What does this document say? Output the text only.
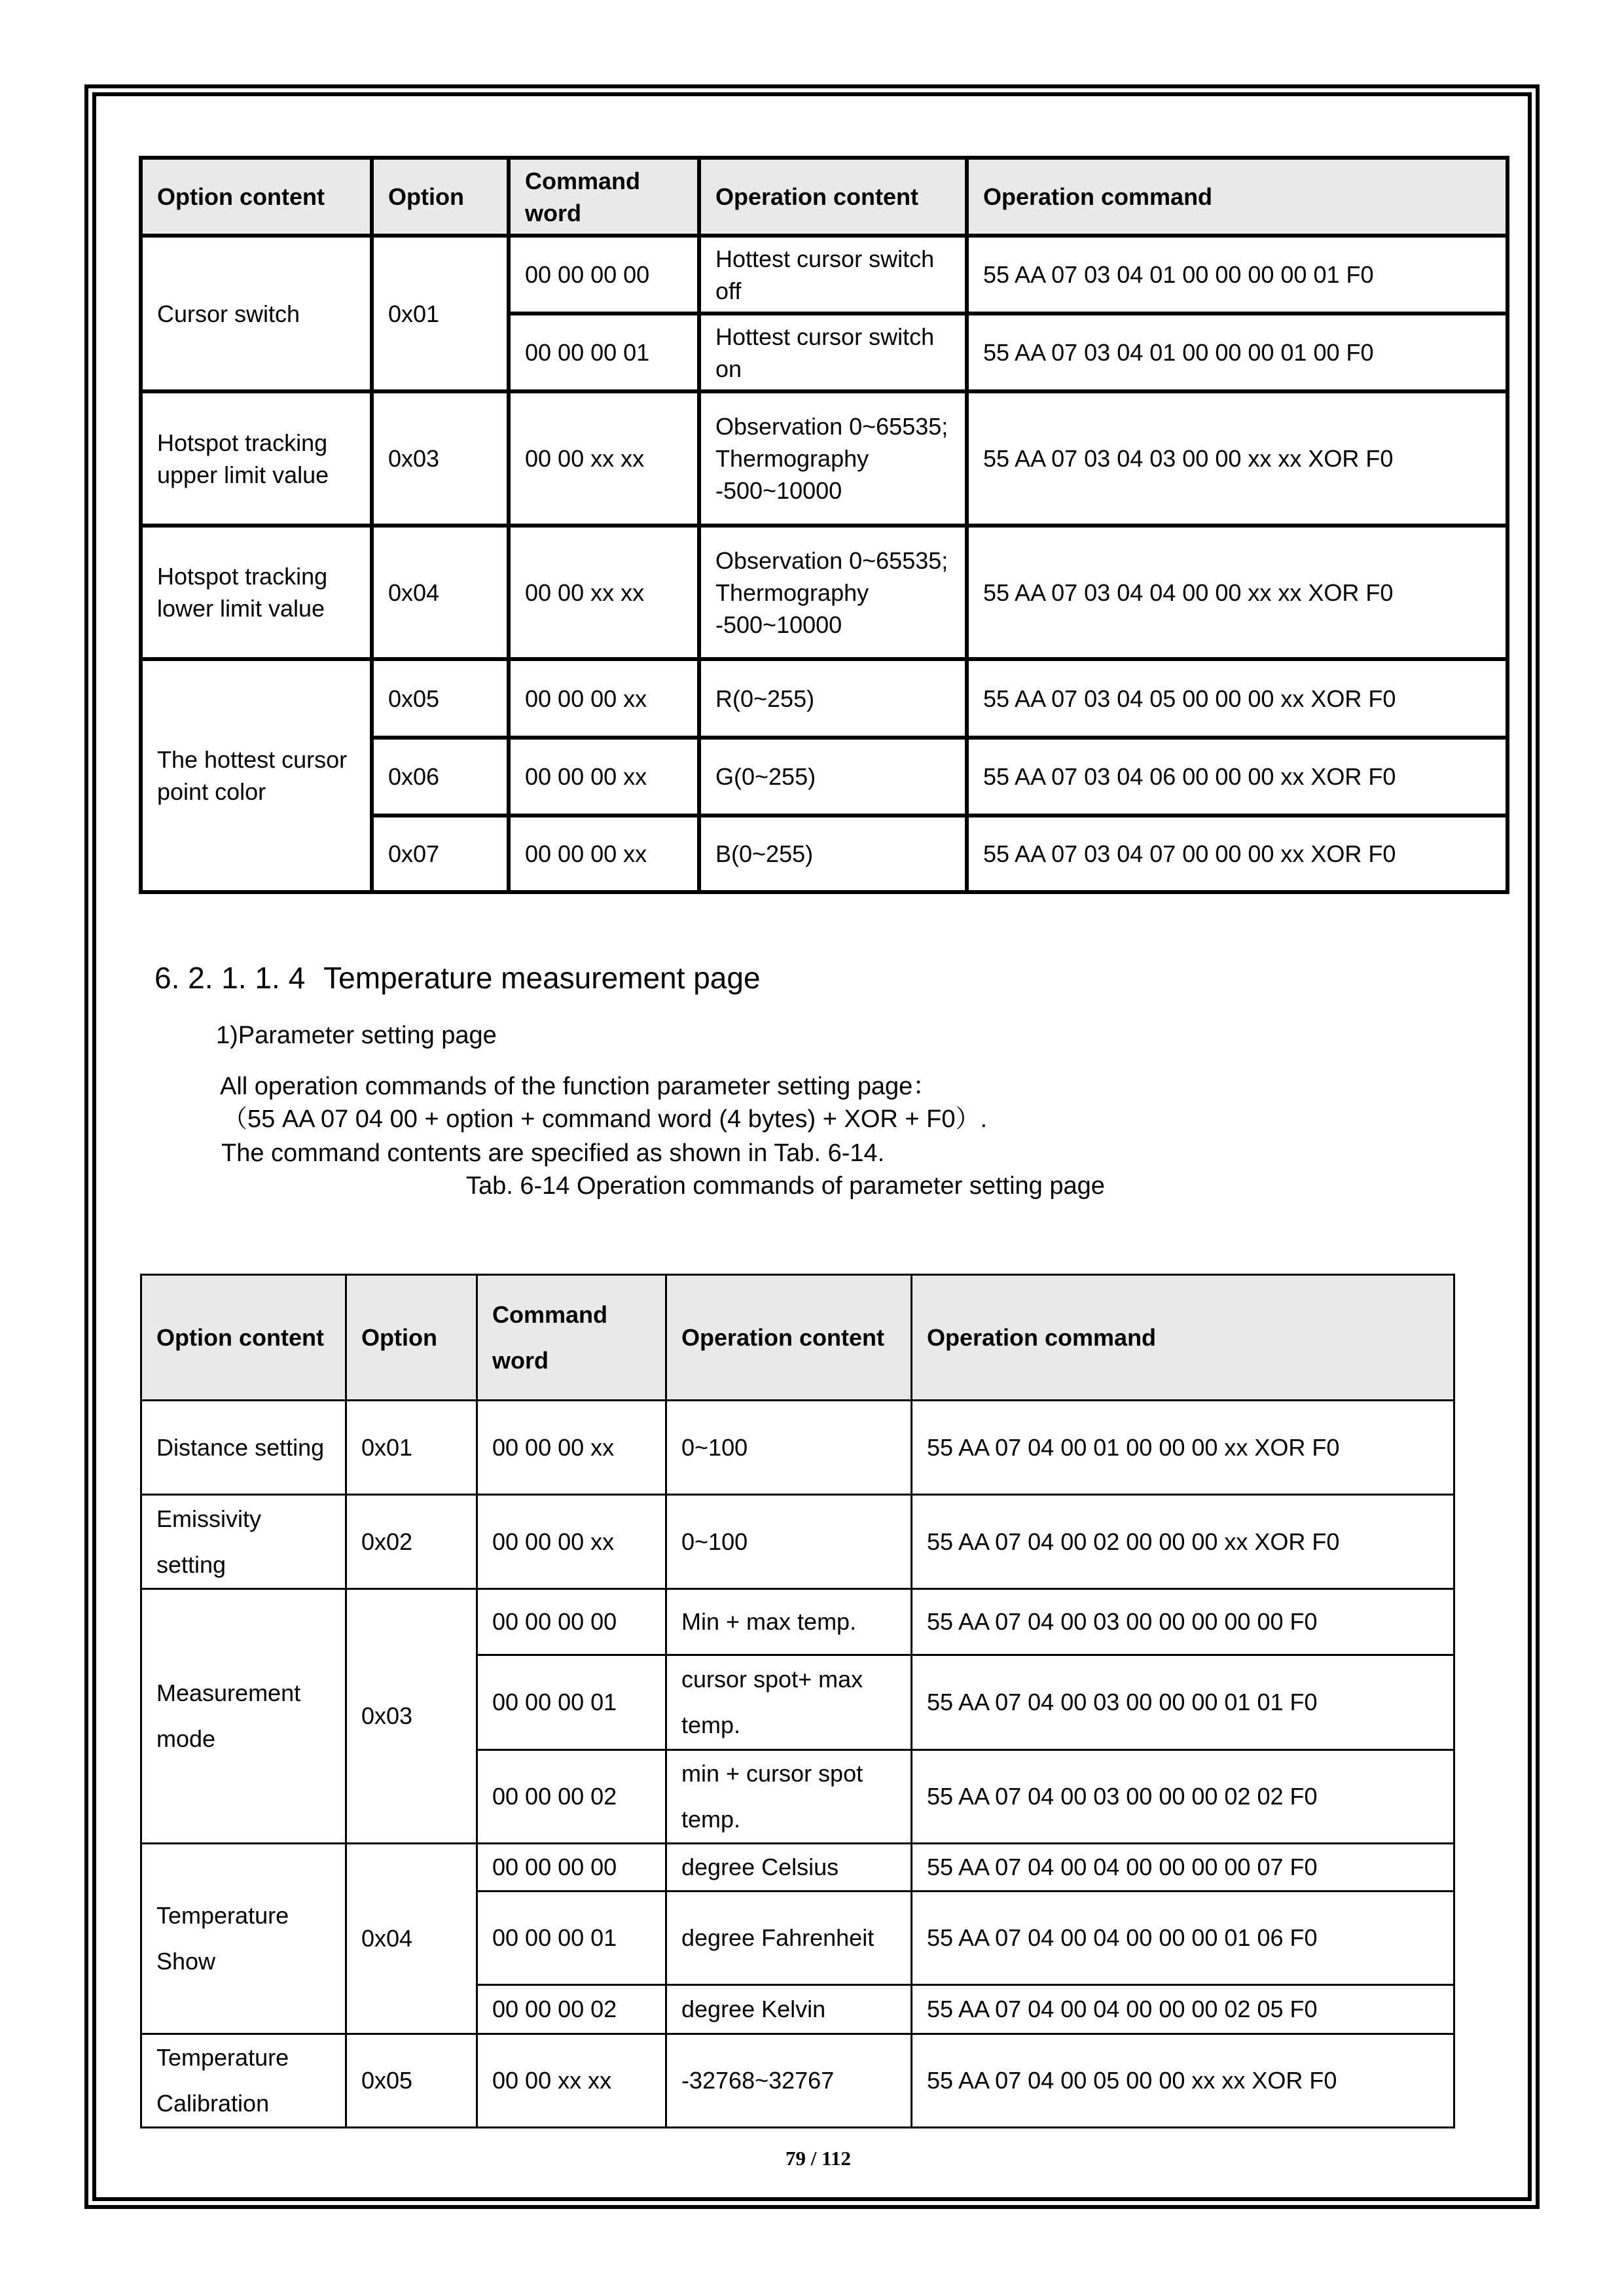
Option content	Option	Command word	Operation content	Operation command
Cursor switch	0x01	00 00 00 00	Hottest cursor switch off	55 AA 07 03 04 01 00 00 00 00 01 F0
		00 00 00 01	Hottest cursor switch on	55 AA 07 03 04 01 00 00 00 01 00 F0
Hotspot tracking upper limit value	0x03	00 00 xx xx	Observation 0~65535; Thermography -500~10000	55 AA 07 03 04 03 00 00 xx xx XOR F0
Hotspot tracking lower limit value	0x04	00 00 xx xx	Observation 0~65535; Thermography -500~10000	55 AA 07 03 04 04 00 00 xx xx XOR F0
The hottest cursor point color	0x05	00 00 00 xx	R(0~255)	55 AA 07 03 04 05 00 00 00 xx XOR F0
	0x06	00 00 00 xx	G(0~255)	55 AA 07 03 04 06 00 00 00 xx XOR F0
	0x07	00 00 00 xx	B(0~255)	55 AA 07 03 04 07 00 00 00 xx XOR F0
6. 2. 1. 1. 4 Temperature measurement page
1)Parameter setting page
All operation commands of the function parameter setting page：
（55 AA 07 04 00 + option + command word (4 bytes) + XOR + F0）.
The command contents are specified as shown in Tab. 6-14.
Tab. 6-14 Operation commands of parameter setting page
Option content	Option	Command word	Operation content	Operation command
Distance setting	0x01	00 00 00 xx	0~100	55 AA 07 04 00 01 00 00 00 xx XOR F0
Emissivity setting	0x02	00 00 00 xx	0~100	55 AA 07 04 00 02 00 00 00 xx XOR F0
Measurement mode	0x03	00 00 00 00	Min + max temp.	55 AA 07 04 00 03 00 00 00 00 00 F0
		00 00 00 01	cursor spot+ max temp.	55 AA 07 04 00 03 00 00 00 01 01 F0
		00 00 00 02	min + cursor spot temp.	55 AA 07 04 00 03 00 00 00 02 02 F0
Temperature Show	0x04	00 00 00 00	degree Celsius	55 AA 07 04 00 04 00 00 00 00 07 F0
		00 00 00 01	degree Fahrenheit	55 AA 07 04 00 04 00 00 00 01 06 F0
		00 00 00 02	degree Kelvin	55 AA 07 04 00 04 00 00 00 02 05 F0
Temperature Calibration	0x05	00 00 xx xx	-32768~32767	55 AA 07 04 00 05 00 00 xx xx XOR F0
79 / 112
